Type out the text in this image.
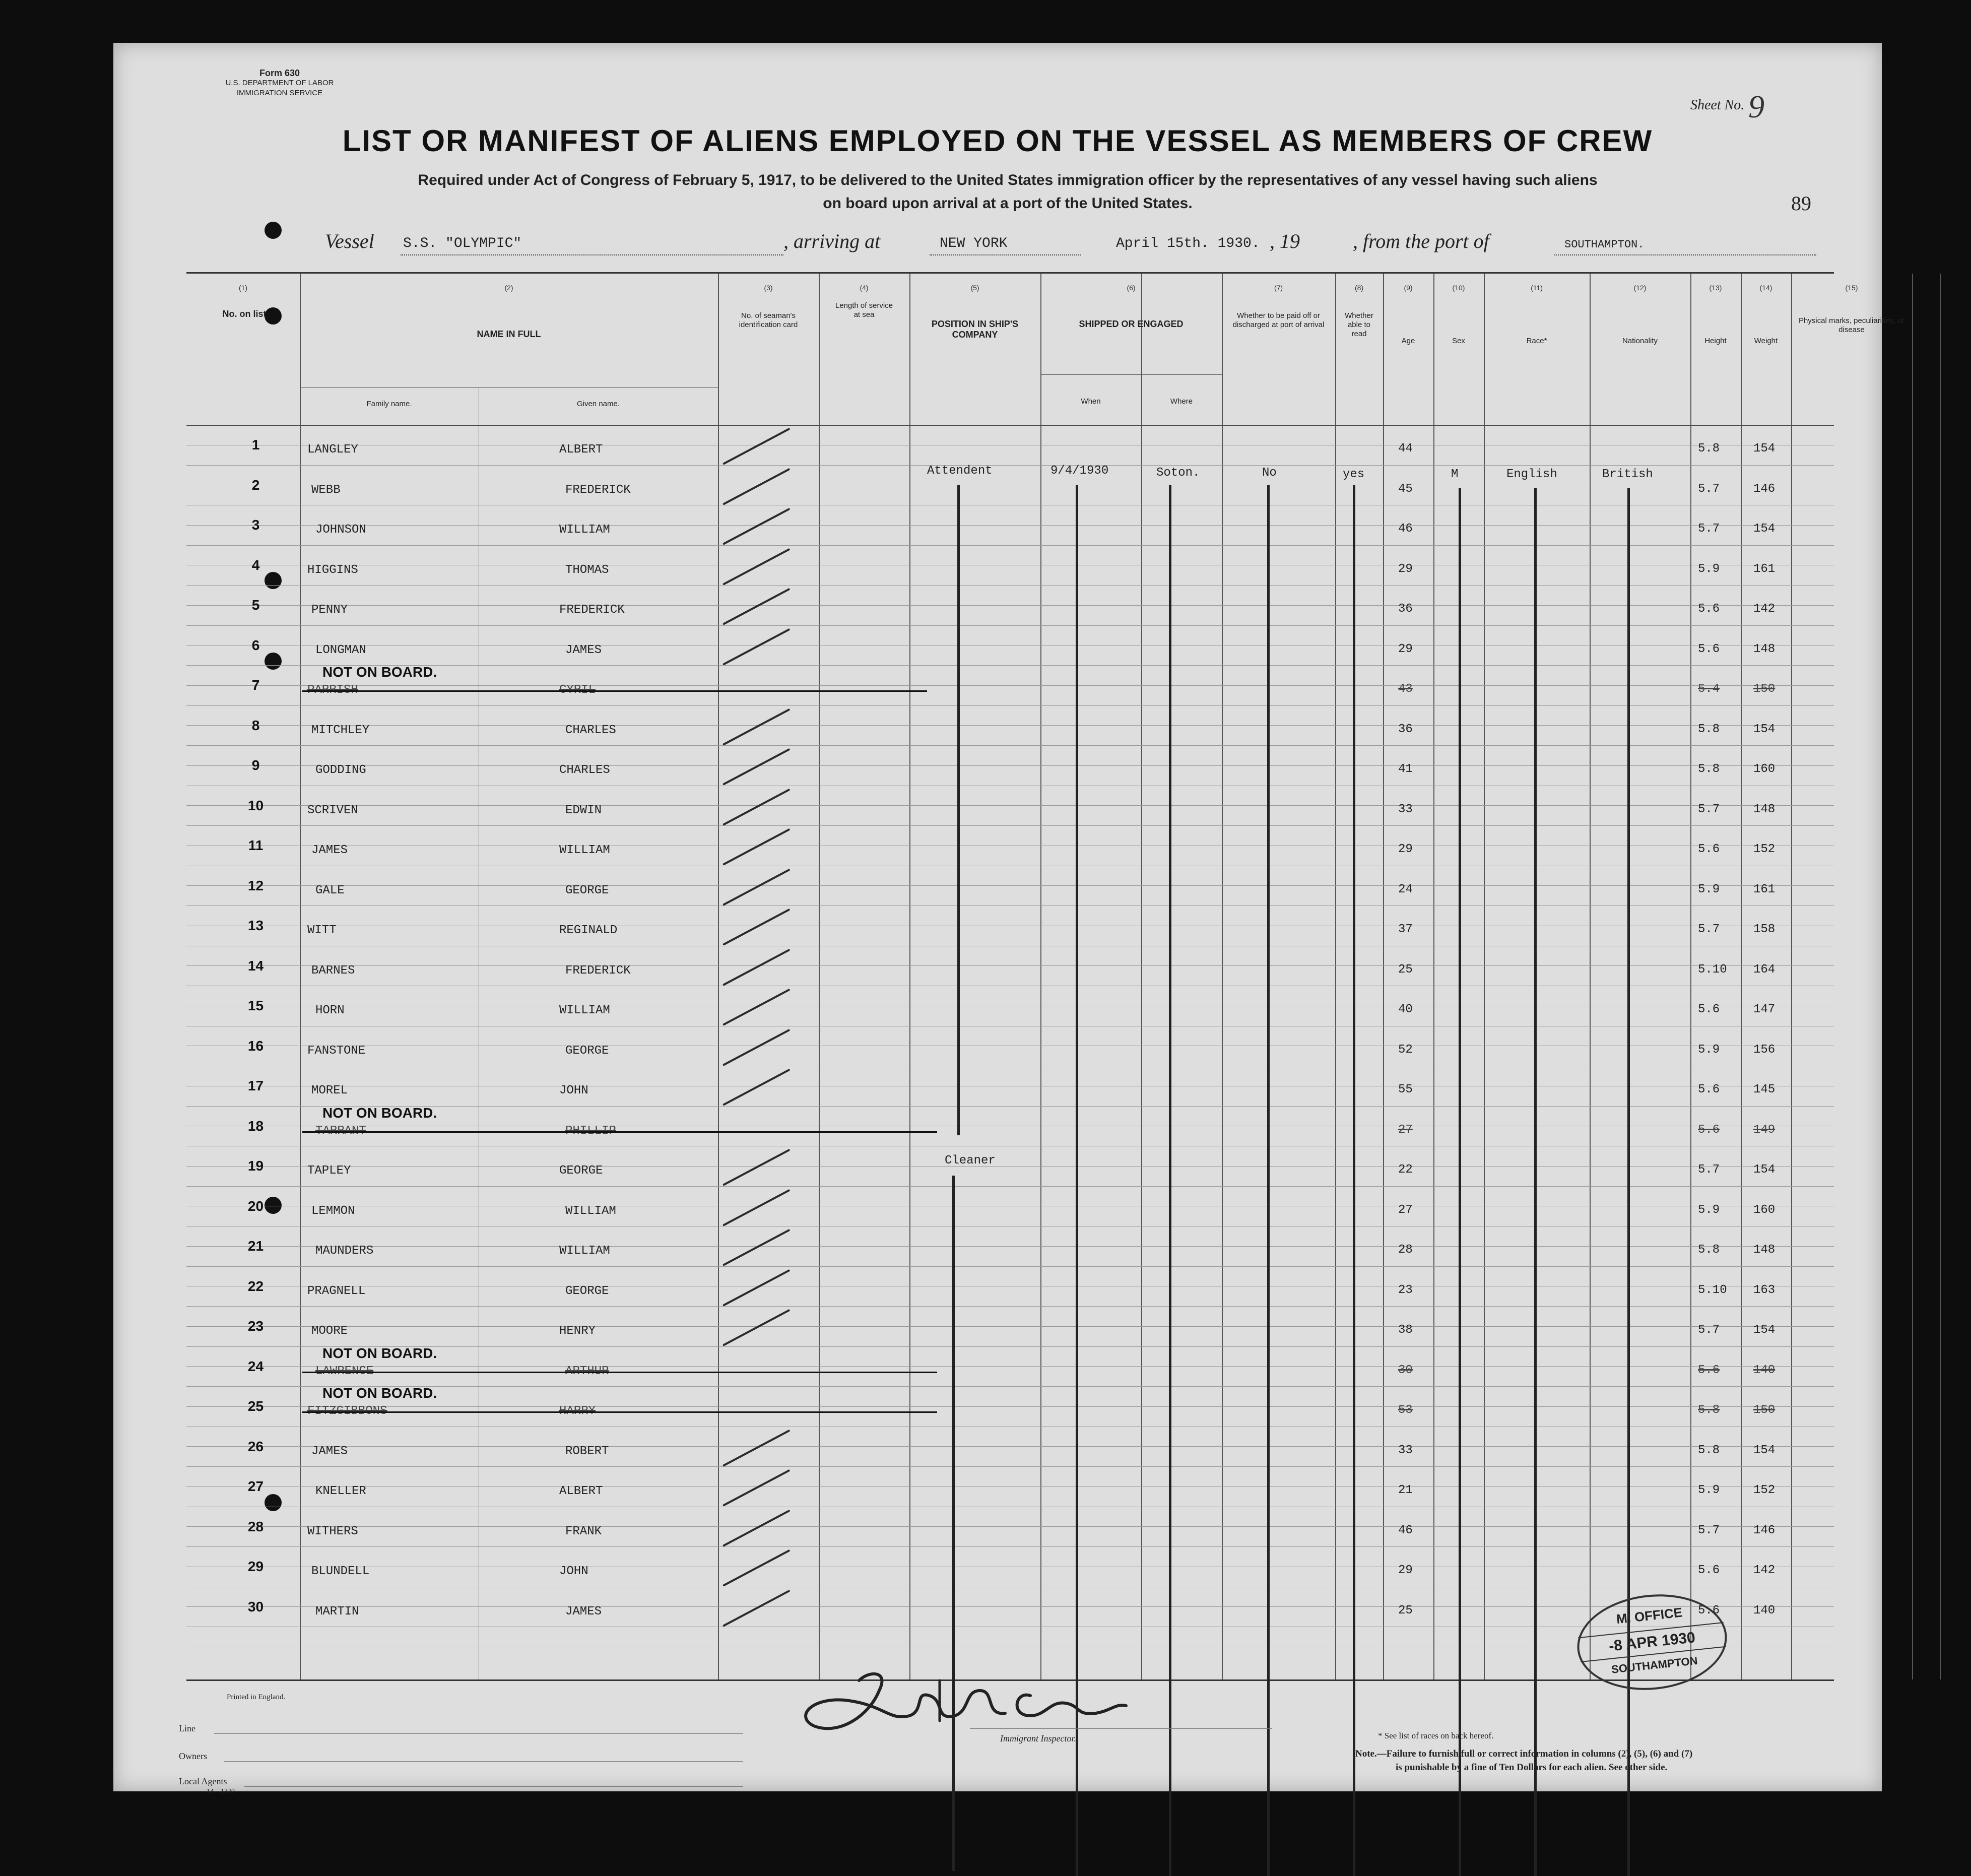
Form 630
U.S. DEPARTMENT OF LABOR
IMMIGRATION SERVICE
Sheet No. 9
LIST OR MANIFEST OF ALIENS EMPLOYED ON THE VESSEL AS MEMBERS OF CREW
Required under Act of Congress of February 5, 1917, to be delivered to the United States immigration officer by the representatives of any vessel having such aliens
on board upon arrival at a port of the United States.	89
Vessel S.S. "OLYMPIC"	, arriving at	NEW YORK	April 15th. 1930. , 19	, from the port of	SOUTHAMPTON.
(1)	(2)	(3)	(4)	(5)	(6)	(7)	(8)	(9)	(10)	(11)	(12)	(13)	(14)	(15)
No. on list
NAME IN FULL
Family name.	Given name.
No. of seaman's identification card
Length of service at sea
POSITION IN SHIP'S COMPANY
SHIPPED OR ENGAGED
When	Where
Whether to be paid off or discharged at port of arrival
Whether able to read
Age	Sex	Race*	Nationality	Height	Weight
Physical marks, peculiarities, or disease
1	LANGLEY	ALBERT	44	5.8	154
2	WEBB	FREDERICK	45	5.7	146
3	JOHNSON	WILLIAM	46	5.7	154
4	HIGGINS	THOMAS	29	5.9	161
5	PENNY	FREDERICK	36	5.6	142
6	LONGMAN	JAMES	29	5.6	148
7	PARRISH	CYRIL	43	5.4	150
NOT ON BOARD.
8	MITCHLEY	CHARLES	36	5.8	154
9	GODDING	CHARLES	41	5.8	160
10	SCRIVEN	EDWIN	33	5.7	148
11	JAMES	WILLIAM	29	5.6	152
12	GALE	GEORGE	24	5.9	161
13	WITT	REGINALD	37	5.7	158
14	BARNES	FREDERICK	25	5.10 164
15	HORN	WILLIAM	40	5.6	147
16	FANSTONE	GEORGE	52	5.9	156
17	MOREL	JOHN	55	5.6	145
18	TARRANT	PHILLIP	27	5.6	149
NOT ON BOARD.
19	TAPLEY	GEORGE	22	5.7	154
20	LEMMON	WILLIAM	27	5.9	160
21	MAUNDERS	WILLIAM	28	5.8	148
22	PRAGNELL	GEORGE	23	5.10 163
23	MOORE	HENRY	38	5.7	154
24	LAWRENCE	ARTHUR	30	5.6	140
NOT ON BOARD.
25	FITZGIBBONS	HARRY	53	5.8	150
NOT ON BOARD.
26	JAMES	ROBERT	33	5.8	154
27	KNELLER	ALBERT	21	5.9	152
28	WITHERS	FRANK	46	5.7	146
29	BLUNDELL	JOHN	29	5.6	142
30	MARTIN	JAMES	25	5.6	140
Attendent	9/4/1930	Soton.	No	yes	M	English	British
Cleaner
Printed in England.
Line
Owners
Local Agents
14—1340
Immigrant Inspector.	* See list of races on back hereof.
Note.—Failure to furnish full or correct information in columns (2), (5), (6) and (7)
is punishable by a fine of Ten Dollars for each alien. See other side.
M. OFFICE
-8 APR 1930
SOUTHAMPTON
